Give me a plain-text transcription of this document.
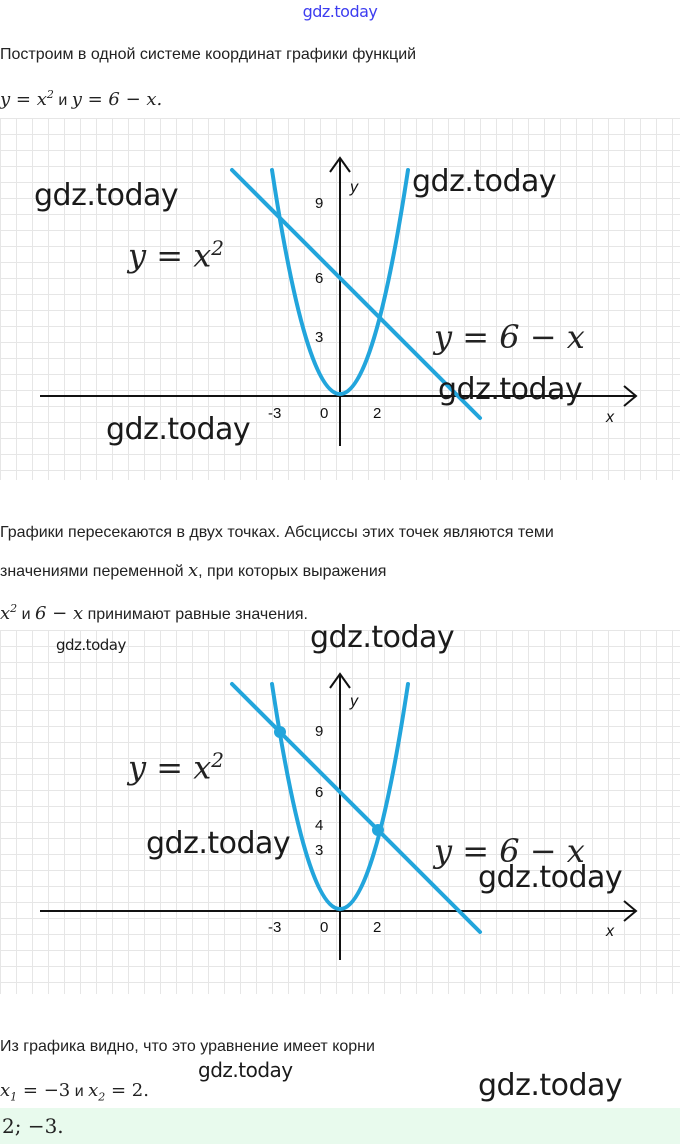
gdz.today
Построим в одной системе координат графики функций
$y = x^2$ и y = 6 − x.
y
x
9
6
3
-3	0	2
$y = x^2$
y = 6 − x
gdz.today	gdz.today
gdz.today
gdz.today
Графики пересекаются в двух точках. Абсциссы этих точек являются теми
значениями переменной x, при которых выражения
$x^2$ и 6 − x принимают равные значения.
y
x
9
6
4
3
-3	0	2
gdz.today	gdz.today
$y = x^2$
gdz.today	y = 6 − x
gdz.today
Из графика видно, что это уравнение имеет корни
gdz.today
$x_1 = -3$ и $x_2 = 2$.	gdz.today
2; −3.
